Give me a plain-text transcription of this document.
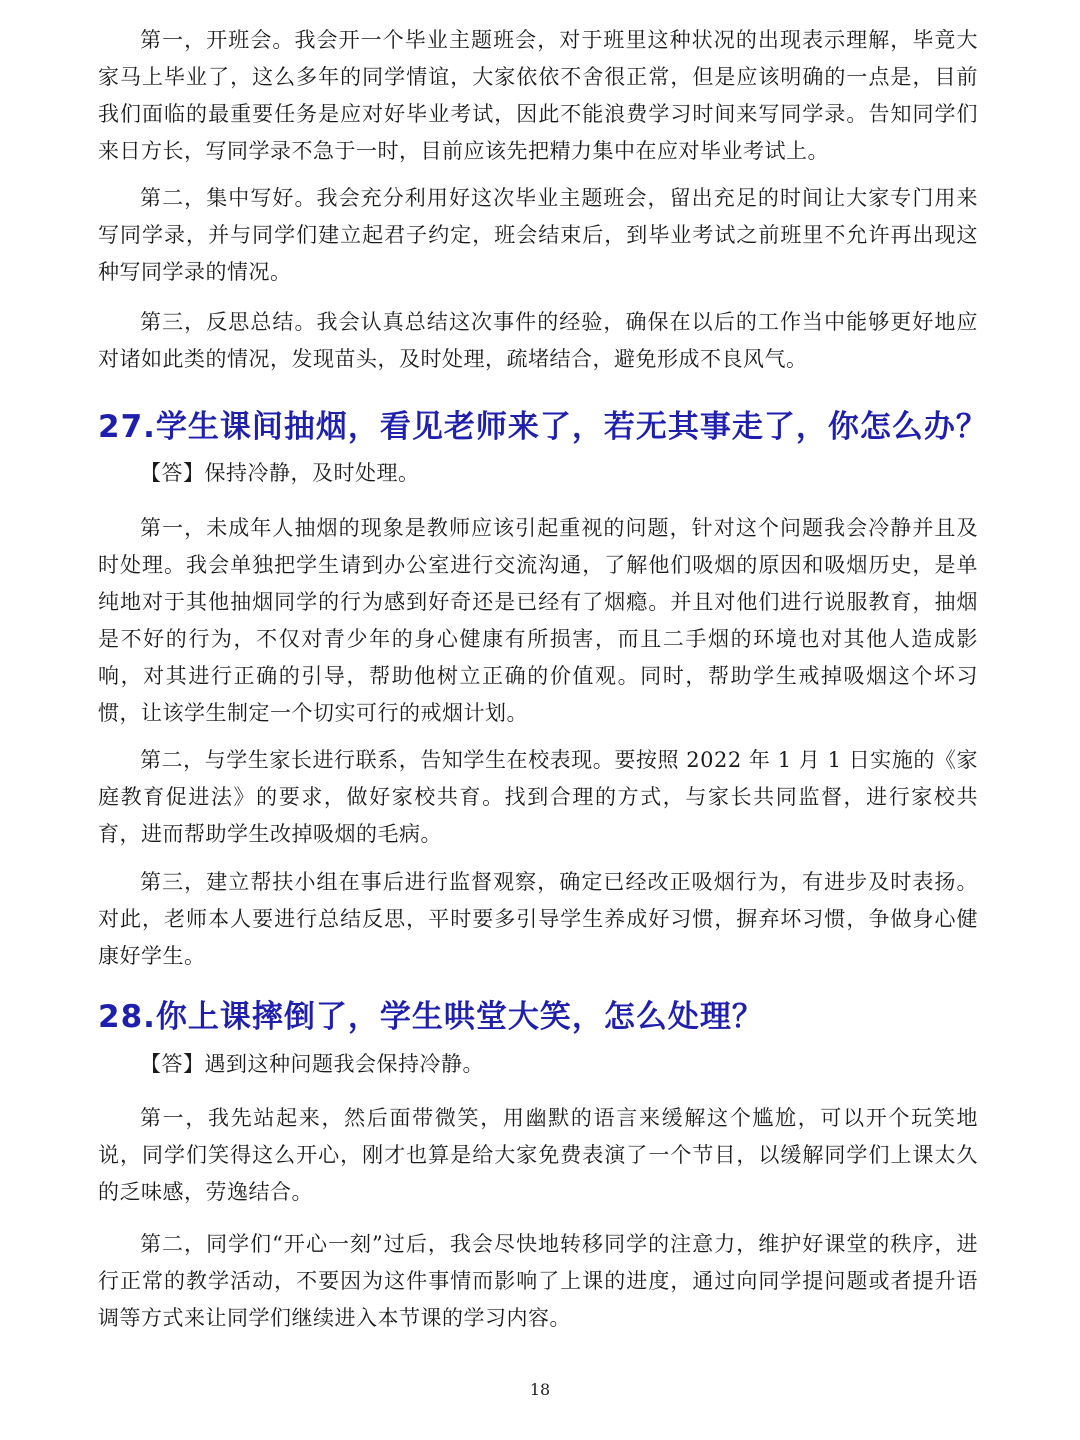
第一，开班会。我会开一个毕业主题班会，对于班里这种状况的出现表示理解，毕竟大家马上毕业了，这么多年的同学情谊，大家依依不舍很正常，但是应该明确的一点是，目前我们面临的最重要任务是应对好毕业考试，因此不能浪费学习时间来写同学录。告知同学们来日方长，写同学录不急于一时，目前应该先把精力集中在应对毕业考试上。

第二，集中写好。我会充分利用好这次毕业主题班会，留出充足的时间让大家专门用来写同学录，并与同学们建立起君子约定，班会结束后，到毕业考试之前班里不允许再出现这种写同学录的情况。

第三，反思总结。我会认真总结这次事件的经验，确保在以后的工作当中能够更好地应对诸如此类的情况，发现苗头，及时处理，疏堵结合，避免形成不良风气。

27.学生课间抽烟，看见老师来了，若无其事走了，你怎么办？

【答】保持冷静，及时处理。

第一，未成年人抽烟的现象是教师应该引起重视的问题，针对这个问题我会冷静并且及时处理。我会单独把学生请到办公室进行交流沟通，了解他们吸烟的原因和吸烟历史，是单纯地对于其他抽烟同学的行为感到好奇还是已经有了烟瘾。并且对他们进行说服教育，抽烟是不好的行为，不仅对青少年的身心健康有所损害，而且二手烟的环境也对其他人造成影响，对其进行正确的引导，帮助他树立正确的价值观。同时，帮助学生戒掉吸烟这个坏习惯，让该学生制定一个切实可行的戒烟计划。

第二，与学生家长进行联系，告知学生在校表现。要按照 2022 年 1 月 1 日实施的《家庭教育促进法》的要求，做好家校共育。找到合理的方式，与家长共同监督，进行家校共育，进而帮助学生改掉吸烟的毛病。

第三，建立帮扶小组在事后进行监督观察，确定已经改正吸烟行为，有进步及时表扬。对此，老师本人要进行总结反思，平时要多引导学生养成好习惯，摒弃坏习惯，争做身心健康好学生。

28.你上课摔倒了，学生哄堂大笑，怎么处理？

【答】遇到这种问题我会保持冷静。

第一，我先站起来，然后面带微笑，用幽默的语言来缓解这个尴尬，可以开个玩笑地说，同学们笑得这么开心，刚才也算是给大家免费表演了一个节目，以缓解同学们上课太久的乏味感，劳逸结合。

第二，同学们“开心一刻”过后，我会尽快地转移同学的注意力，维护好课堂的秩序，进行正常的教学活动，不要因为这件事情而影响了上课的进度，通过向同学提问题或者提升语调等方式来让同学们继续进入本节课的学习内容。

18
